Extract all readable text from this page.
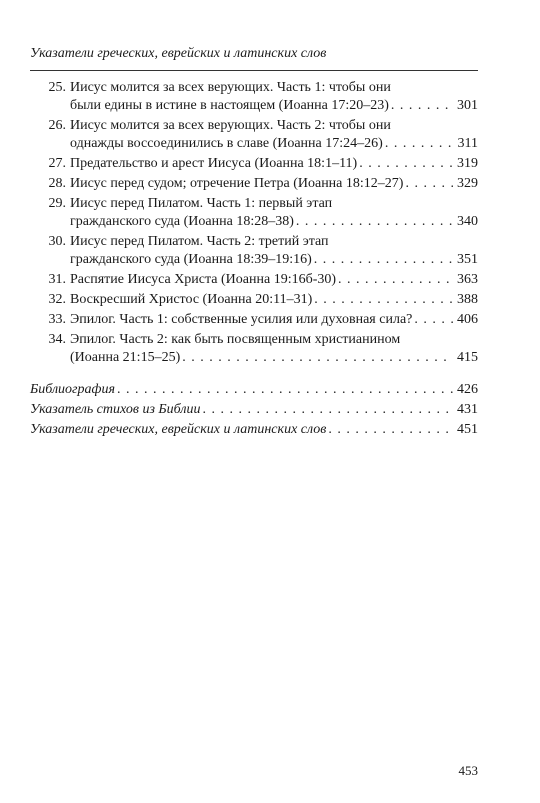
Указатели греческих, еврейских и латинских слов
25. Иисус молится за всех верующих. Часть 1: чтобы они
были едины в истине в настоящем (Иоанна 17:20–23) . . .	301
26. Иисус молится за всех верующих. Часть 2: чтобы они
однажды воссоединились в славе (Иоанна 17:24–26) . . .	311
27. Предательство и арест Иисуса (Иоанна 18:1–11) . . .	319
28. Иисус перед судом; отречение Петра (Иоанна 18:12–27) . . .	329
29. Иисус перед Пилатом. Часть 1: первый этап
гражданского суда (Иоанна 18:28–38) . . .	340
30. Иисус перед Пилатом. Часть 2: третий этап
гражданского суда (Иоанна 18:39–19:16) . . .	351
31. Распятие Иисуса Христа (Иоанна 19:16б-30) . . .	363
32. Воскресший Христос (Иоанна 20:11–31) . . .	388
33. Эпилог. Часть 1: собственные усилия или духовная сила? . . .	406
34. Эпилог. Часть 2: как быть посвященным христианином
(Иоанна 21:15–25) . . .	415
Библиография . . .	426
Указатель стихов из Библии . . .	431
Указатели греческих, еврейских и латинских слов . . .	451
453
